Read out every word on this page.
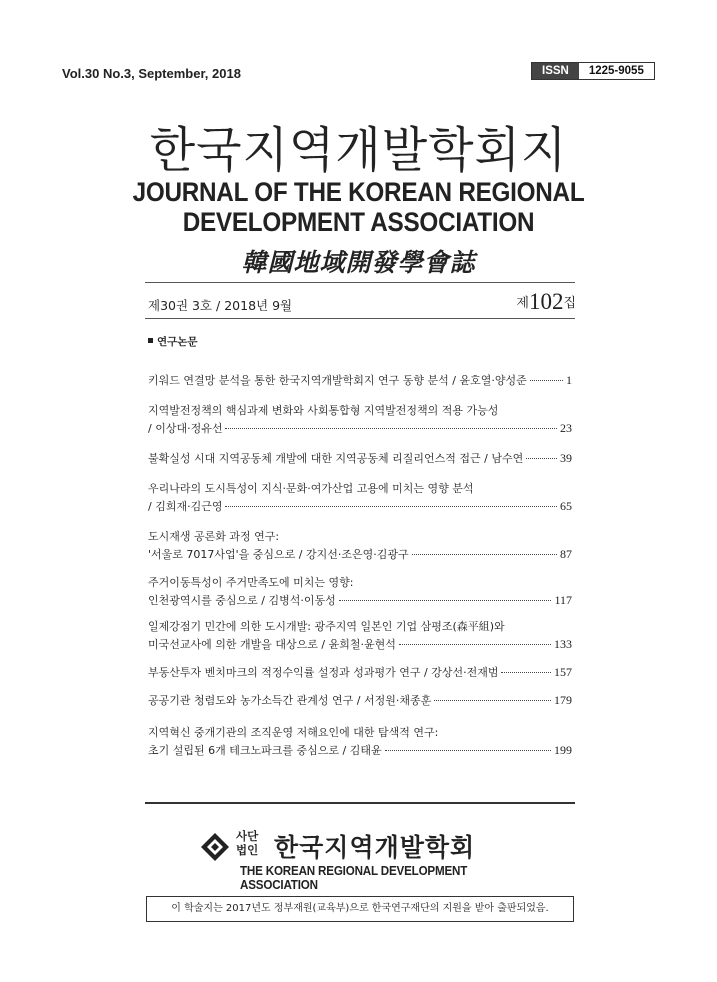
Vol.30 No.3, September, 2018	ISSN	1225-9055
한국지역개발학회지
JOURNAL OF THE KOREAN REGIONAL
DEVELOPMENT ASSOCIATION
韓國地域開發學會誌
제30권 3호 / 2018년 9월	제102집
연구논문
키워드 연결망 분석을 통한 한국지역개발학회지 연구 동향 분석 / 윤호열·양성준	1
지역발전정책의 핵심과제 변화와 사회통합형 지역발전정책의 적용 가능성
/ 이상대·정유선	23
불확실성 시대 지역공동체 개발에 대한 지역공동체 리질리언스적 접근 / 남수연	39
우리나라의 도시특성이 지식·문화·여가산업 고용에 미치는 영향 분석
/ 김희재·김근영	65
도시재생 공론화 과정 연구:
'서울로 7017사업'을 중심으로 / 강지선·조은영·김광구	87
주거이동특성이 주거만족도에 미치는 영향:
인천광역시를 중심으로 / 김병석·이동성	117
일제강점기 민간에 의한 도시개발: 광주지역 일본인 기업 삼평조(森平組)와
미국선교사에 의한 개발을 대상으로 / 윤희철·윤현석	133
부동산투자 벤치마크의 적정수익률 설정과 성과평가 연구 / 강상선·전재범	157
공공기관 청렴도와 농가소득간 관계성 연구 / 서정원·채종훈	179
지역혁신 중개기관의 조직운영 저해요인에 대한 탐색적 연구:
초기 설립된 6개 테크노파크를 중심으로 / 김태윤	199
사단
법인 한국지역개발학회
THE KOREAN REGIONAL DEVELOPMENT ASSOCIATION
이 학술지는 2017년도 정부재원(교육부)으로 한국연구재단의 지원을 받아 출판되었음.
